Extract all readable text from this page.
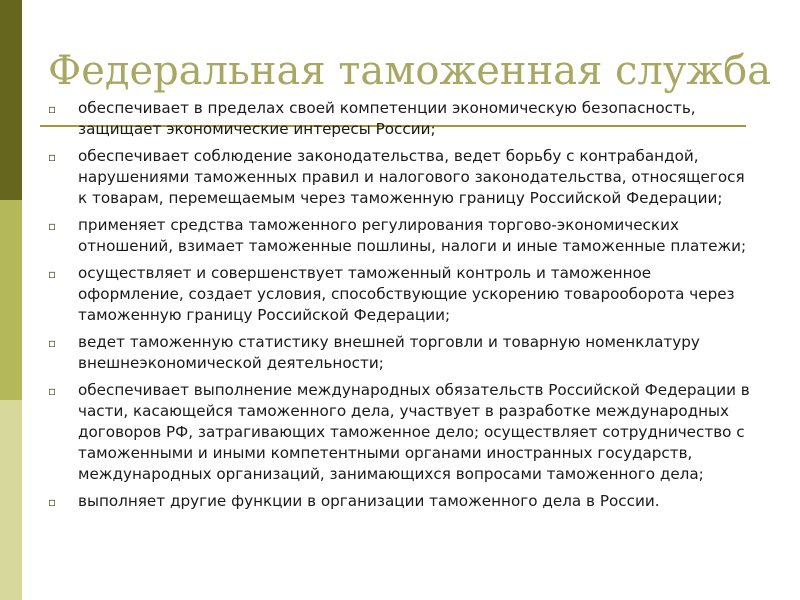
Федеральная таможенная служба
▫ обеспечивает в пределах своей компетенции экономическую безопасность, защищает экономические интересы России;
▫ обеспечивает соблюдение законодательства, ведет борьбу с контрабандой, нарушениями таможенных правил и налогового законодательства, относящегося к товарам, перемещаемым через таможенную границу Российской Федерации;
▫ применяет средства таможенного регулирования торгово-экономических отношений, взимает таможенные пошлины, налоги и иные таможенные платежи;
▫ осуществляет и совершенствует таможенный контроль и таможенное оформление, создает условия, способствующие ускорению товарооборота через таможенную границу Российской Федерации;
▫ ведет таможенную статистику внешней торговли и товарную номенклатуру внешнеэкономической деятельности;
▫ обеспечивает выполнение международных обязательств Российской Федерации в части, касающейся таможенного дела, участвует в разработке международных договоров РФ, затрагивающих таможенное дело; осуществляет сотрудничество с таможенными и иными компетентными органами иностранных государств, международных организаций, занимающихся вопросами таможенного дела;
▫ выполняет другие функции в организации таможенного дела в России.
